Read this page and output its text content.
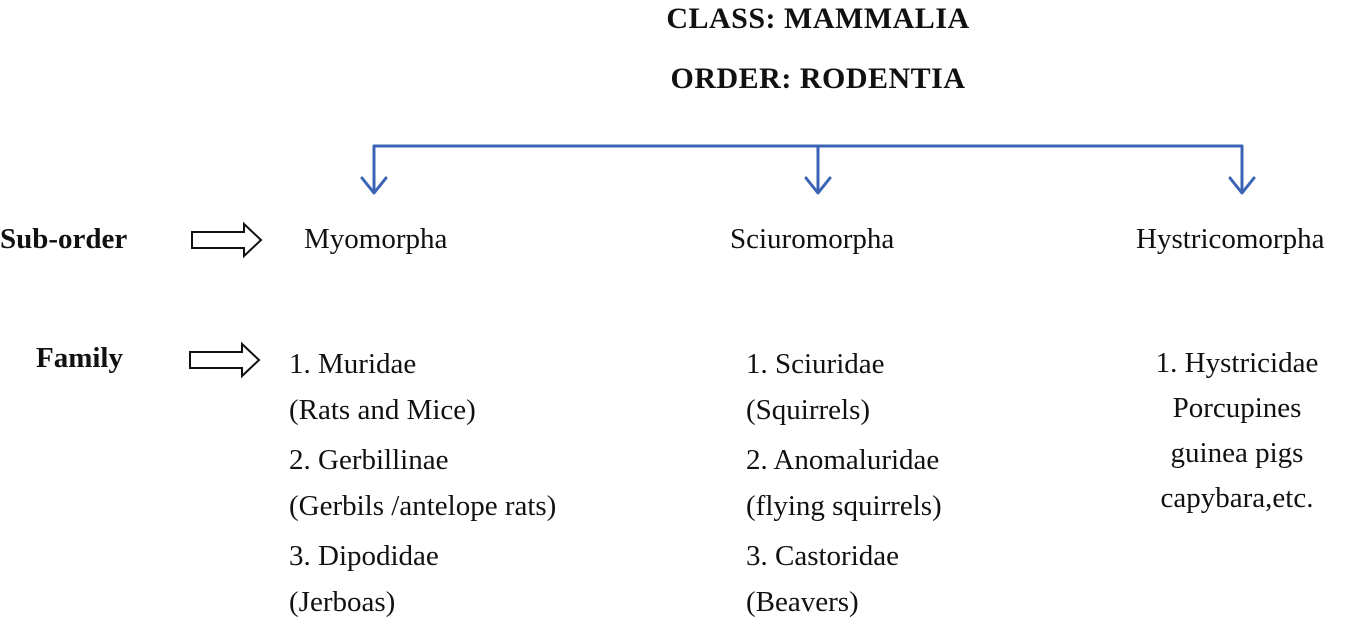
CLASS: MAMMALIA
ORDER: RODENTIA
Sub-order
Family
Myomorpha	Sciuromorpha	Hystricomorpha
1. Muridae
(Rats and Mice)
2. Gerbillinae
(Gerbils /antelope rats)
3. Dipodidae
(Jerboas)
1. Sciuridae
(Squirrels)
2. Anomaluridae
(flying squirrels)
3. Castoridae
(Beavers)
1. Hystricidae
Porcupines
guinea pigs
capybara,etc.
